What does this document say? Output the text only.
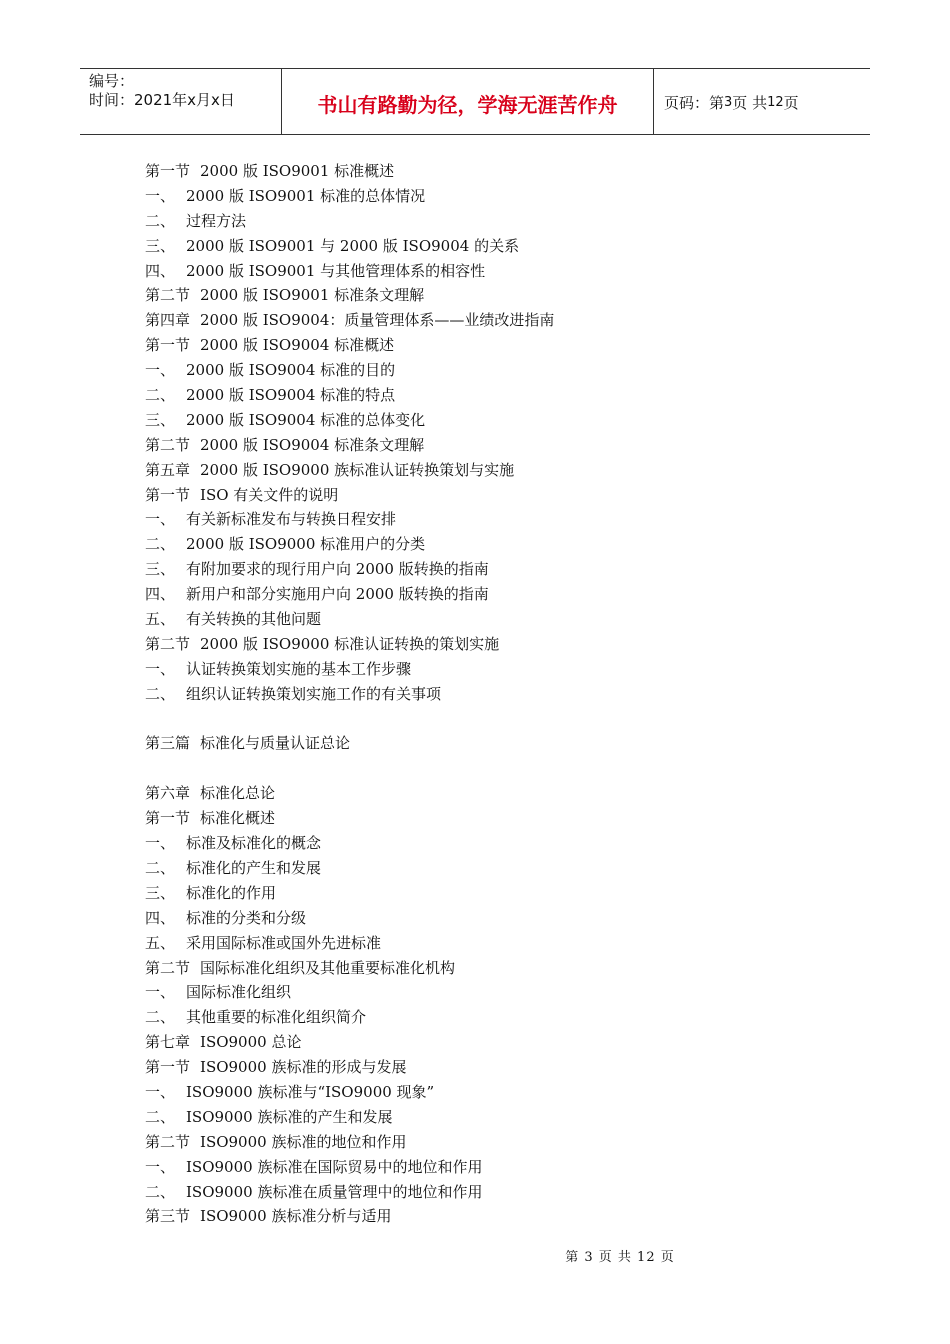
编号：
时间：2021年x月x日	书山有路勤为径，学海无涯苦作舟	页码：第 3 页 共 12 页
第一节 2000 版 ISO9001 标准概述
一、 2000 版 ISO9001 标准的总体情况
二、 过程方法
三、 2000 版 ISO9001 与 2000 版 ISO9004 的关系
四、 2000 版 ISO9001 与其他管理体系的相容性
第二节 2000 版 ISO9001 标准条文理解
第四章 2000 版 ISO9004：质量管理体系——业绩改进指南
第一节 2000 版 ISO9004 标准概述
一、 2000 版 ISO9004 标准的目的
二、 2000 版 ISO9004 标准的特点
三、 2000 版 ISO9004 标准的总体变化
第二节 2000 版 ISO9004 标准条文理解
第五章 2000 版 ISO9000 族标准认证转换策划与实施
第一节 ISO 有关文件的说明
一、 有关新标准发布与转换日程安排
二、 2000 版 ISO9000 标准用户的分类
三、 有附加要求的现行用户向 2000 版转换的指南
四、 新用户和部分实施用户向 2000 版转换的指南
五、 有关转换的其他问题
第二节 2000 版 ISO9000 标准认证转换的策划实施
一、 认证转换策划实施的基本工作步骤
二、 组织认证转换策划实施工作的有关事项
第三篇 标准化与质量认证总论
第六章 标准化总论
第一节 标准化概述
一、 标准及标准化的概念
二、 标准化的产生和发展
三、 标准化的作用
四、 标准的分类和分级
五、 采用国际标准或国外先进标准
第二节 国际标准化组织及其他重要标准化机构
一、 国际标准化组织
二、 其他重要的标准化组织简介
第七章 ISO9000 总论
第一节 ISO9000 族标准的形成与发展
一、 ISO9000 族标准与“ISO9000 现象”
二、 ISO9000 族标准的产生和发展
第二节 ISO9000 族标准的地位和作用
一、 ISO9000 族标准在国际贸易中的地位和作用
二、 ISO9000 族标准在质量管理中的地位和作用
第三节 ISO9000 族标准分析与适用
第 3 页 共 12 页
